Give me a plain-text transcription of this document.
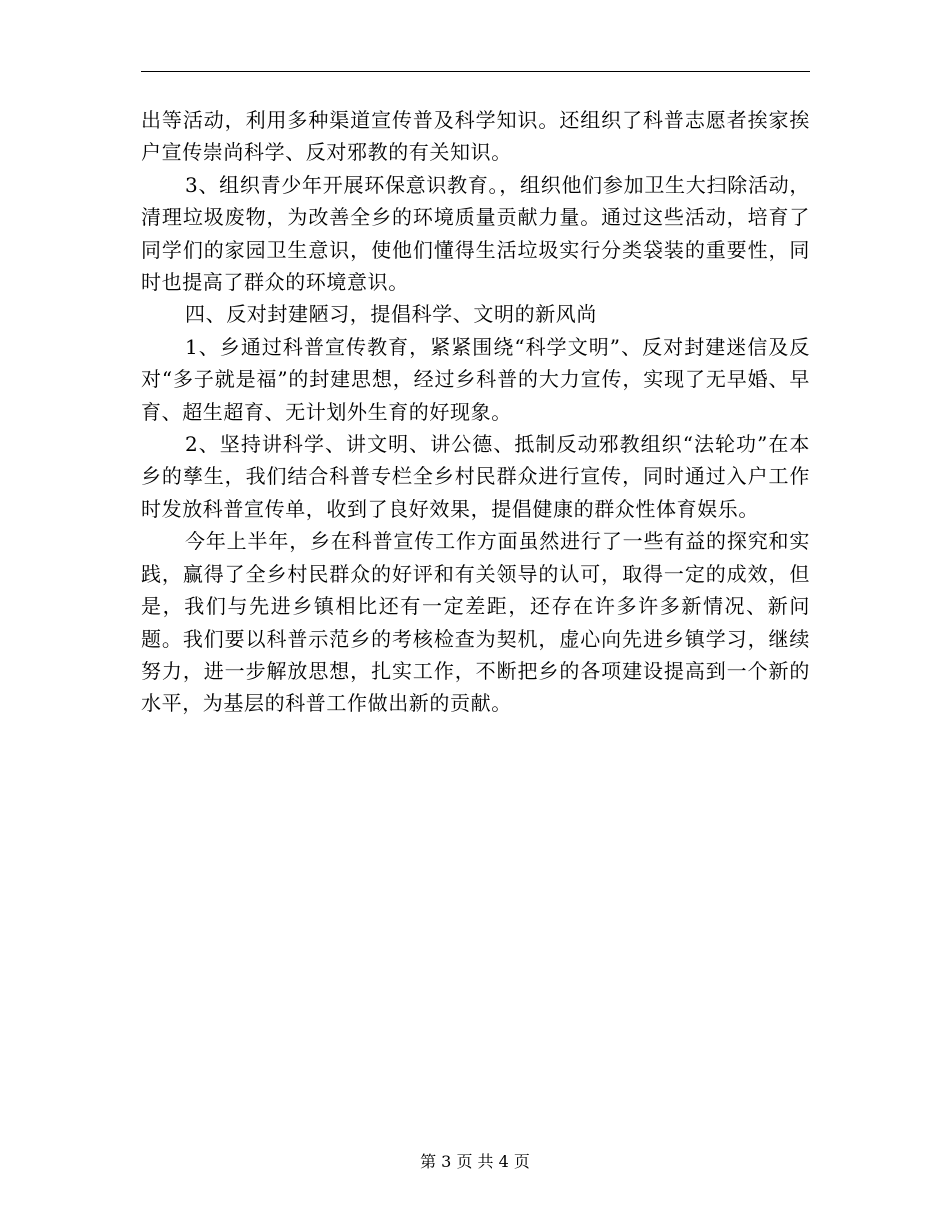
出等活动，利用多种渠道宣传普及科学知识。还组织了科普志愿者挨家挨户宣传崇尚科学、反对邪教的有关知识。

3、组织青少年开展环保意识教育。，组织他们参加卫生大扫除活动，清理垃圾废物，为改善全乡的环境质量贡献力量。通过这些活动，培育了同学们的家园卫生意识，使他们懂得生活垃圾实行分类袋装的重要性，同时也提高了群众的环境意识。

四、反对封建陋习，提倡科学、文明的新风尚

1、乡通过科普宣传教育，紧紧围绕“科学文明”、反对封建迷信及反对“多子就是福”的封建思想，经过乡科普的大力宣传，实现了无早婚、早育、超生超育、无计划外生育的好现象。

2、坚持讲科学、讲文明、讲公德、抵制反动邪教组织“法轮功”在本乡的孳生，我们结合科普专栏全乡村民群众进行宣传，同时通过入户工作时发放科普宣传单，收到了良好效果，提倡健康的群众性体育娱乐。

今年上半年，乡在科普宣传工作方面虽然进行了一些有益的探究和实践，赢得了全乡村民群众的好评和有关领导的认可，取得一定的成效，但是，我们与先进乡镇相比还有一定差距，还存在许多许多新情况、新问题。我们要以科普示范乡的考核检查为契机，虚心向先进乡镇学习，继续努力，进一步解放思想，扎实工作，不断把乡的各项建设提高到一个新的水平，为基层的科普工作做出新的贡献。

第 3 页 共 4 页
